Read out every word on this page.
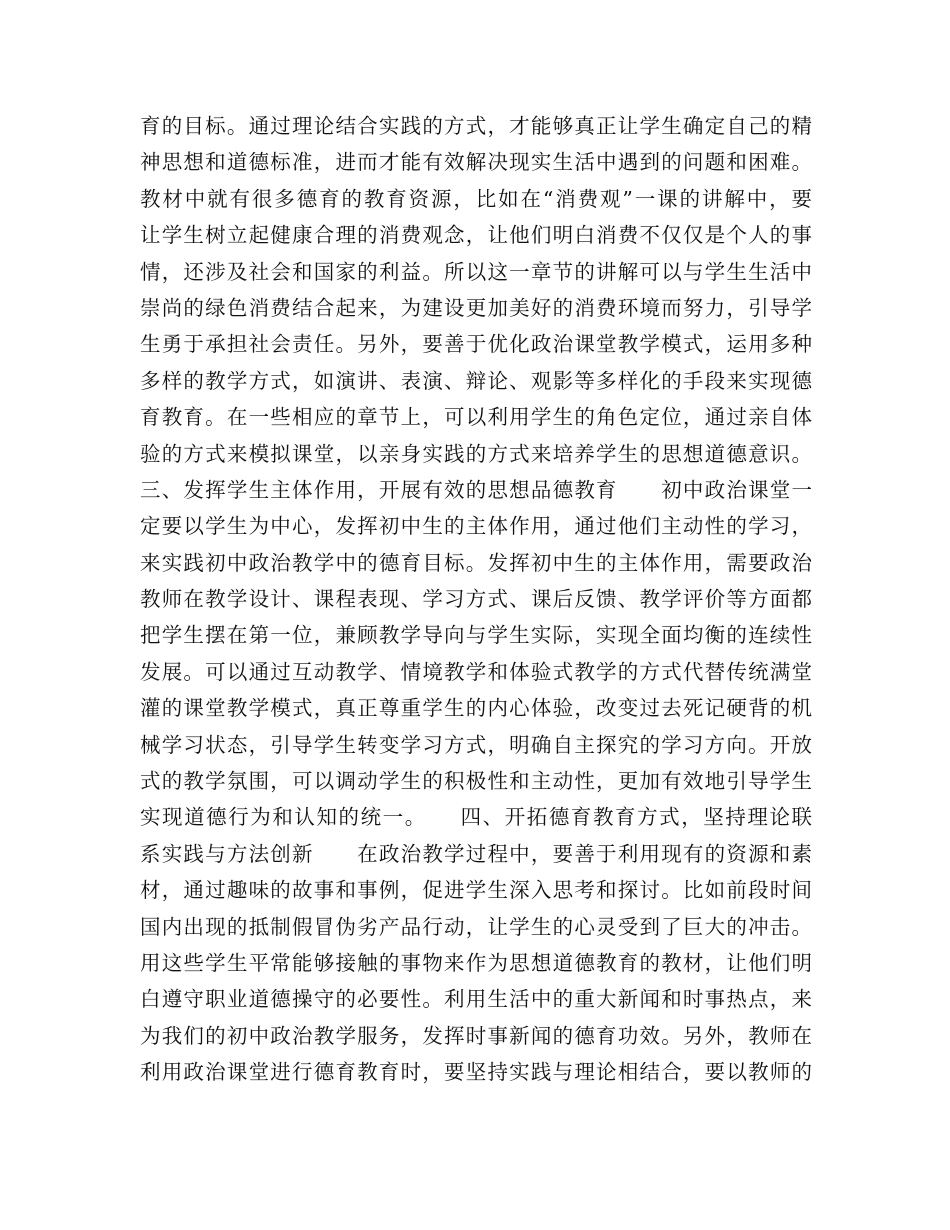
育的目标。通过理论结合实践的方式，才能够真正让学生确定自己的精
神思想和道德标准，进而才能有效解决现实生活中遇到的问题和困难。
教材中就有很多德育的教育资源，比如在“消费观”一课的讲解中，要
让学生树立起健康合理的消费观念，让他们明白消费不仅仅是个人的事
情，还涉及社会和国家的利益。所以这一章节的讲解可以与学生生活中
崇尚的绿色消费结合起来，为建设更加美好的消费环境而努力，引导学
生勇于承担社会责任。另外，要善于优化政治课堂教学模式，运用多种
多样的教学方式，如演讲、表演、辩论、观影等多样化的手段来实现德
育教育。在一些相应的章节上，可以利用学生的角色定位，通过亲自体
验的方式来模拟课堂，以亲身实践的方式来培养学生的思想道德意识。
三、发挥学生主体作用，开展有效的思想品德教育　　初中政治课堂一
定要以学生为中心，发挥初中生的主体作用，通过他们主动性的学习，
来实践初中政治教学中的德育目标。发挥初中生的主体作用，需要政治
教师在教学设计、课程表现、学习方式、课后反馈、教学评价等方面都
把学生摆在第一位，兼顾教学导向与学生实际，实现全面均衡的连续性
发展。可以通过互动教学、情境教学和体验式教学的方式代替传统满堂
灌的课堂教学模式，真正尊重学生的内心体验，改变过去死记硬背的机
械学习状态，引导学生转变学习方式，明确自主探究的学习方向。开放
式的教学氛围，可以调动学生的积极性和主动性，更加有效地引导学生
实现道德行为和认知的统一。　　四、开拓德育教育方式，坚持理论联
系实践与方法创新　　在政治教学过程中，要善于利用现有的资源和素
材，通过趣味的故事和事例，促进学生深入思考和探讨。比如前段时间
国内出现的抵制假冒伪劣产品行动，让学生的心灵受到了巨大的冲击。
用这些学生平常能够接触的事物来作为思想道德教育的教材，让他们明
白遵守职业道德操守的必要性。利用生活中的重大新闻和时事热点，来
为我们的初中政治教学服务，发挥时事新闻的德育功效。另外，教师在
利用政治课堂进行德育教育时，要坚持实践与理论相结合，要以教师的
